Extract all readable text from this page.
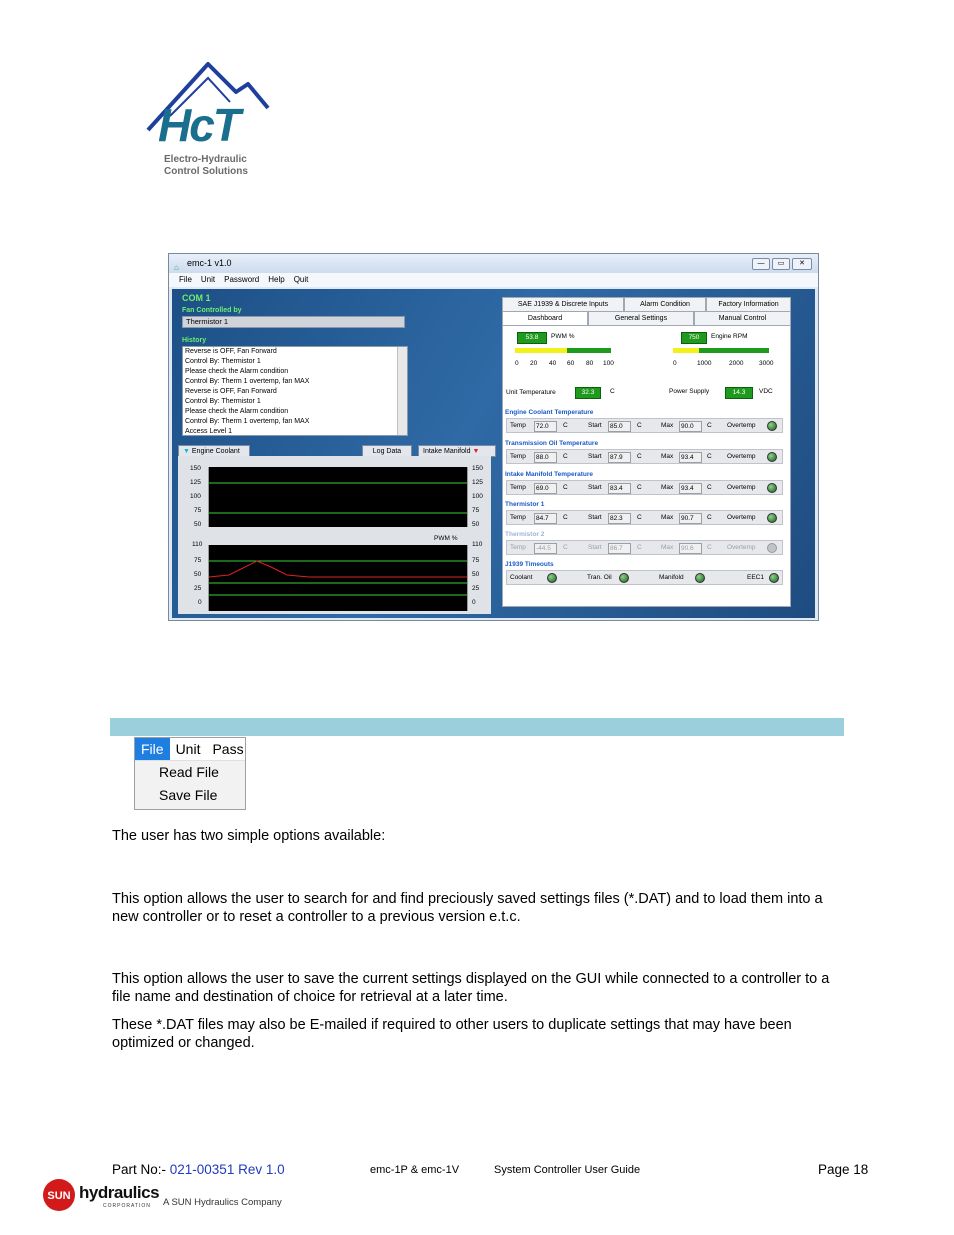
HcT
Electro-Hydraulic
Control Solutions
⌂ emc-1 v1.0	—	▭	✕
File Unit Password Help Quit
COM 1
Fan Controlled by
Thermistor 1
History
Reverse is OFF, Fan Forward
Control By: Thermistor 1
Please check the Alarm condition
Control By: Therm 1 overtemp, fan MAX
Reverse is OFF, Fan Forward
Control By: Thermistor 1
Please check the Alarm condition
Control By: Therm 1 overtemp, fan MAX
Access Level 1
▼ Engine Coolant	Log Data	Intake Manifold ▼
150
125
100
75
50
150
125
100
75
50
PWM %
110
75
50
25
0
110
75
50
25
0
SAE J1939 & Discrete Inputs	Alarm Condition	Factory Information
Dashboard	General Settings	Manual Control
53.8	PWM %
0 20 40 60 80 100
750	Engine RPM
0	1000	2000 3000
Unit Temperature	32.3	C	Power Supply	14.3	VDC
Engine Coolant Temperature
Temp	72.0	C	Start	85.0	C	Max	90.0	C Overtemp
Transmission Oil Temperature
Temp	88.0	C	Start	87.9	C	Max	93.4	C Overtemp
Intake Manifold Temperature
Temp	69.0	C	Start	83.4	C	Max	93.4	C Overtemp
Thermistor 1
Temp	84.7	C	Start	82.3	C	Max	90.7	C Overtemp
Thermistor 2
Temp	-44.5	C	Start	86.7	C	Max	90.6	C Overtemp
J1939 Timeouts
Coolant	Tran. Oil	Manifold	EEC1
File Unit Pass
Read File
Save File
The user has two simple options available:
This option allows the user to search for and find preciously saved settings files (*.DAT) and to load them into a new controller or to reset a controller to a previous version e.t.c.
This option allows the user to save the current settings displayed on the GUI while connected to a controller to a file name and destination of choice for retrieval at a later time.
These *.DAT files may also be E-mailed if required to other users to duplicate settings that may have been optimized or changed.
Part No:- 021-00351 Rev 1.0	emc-1P & emc-1V	System Controller User Guide	Page 18
SUN hydraulics
CORPORATION A SUN Hydraulics Company
